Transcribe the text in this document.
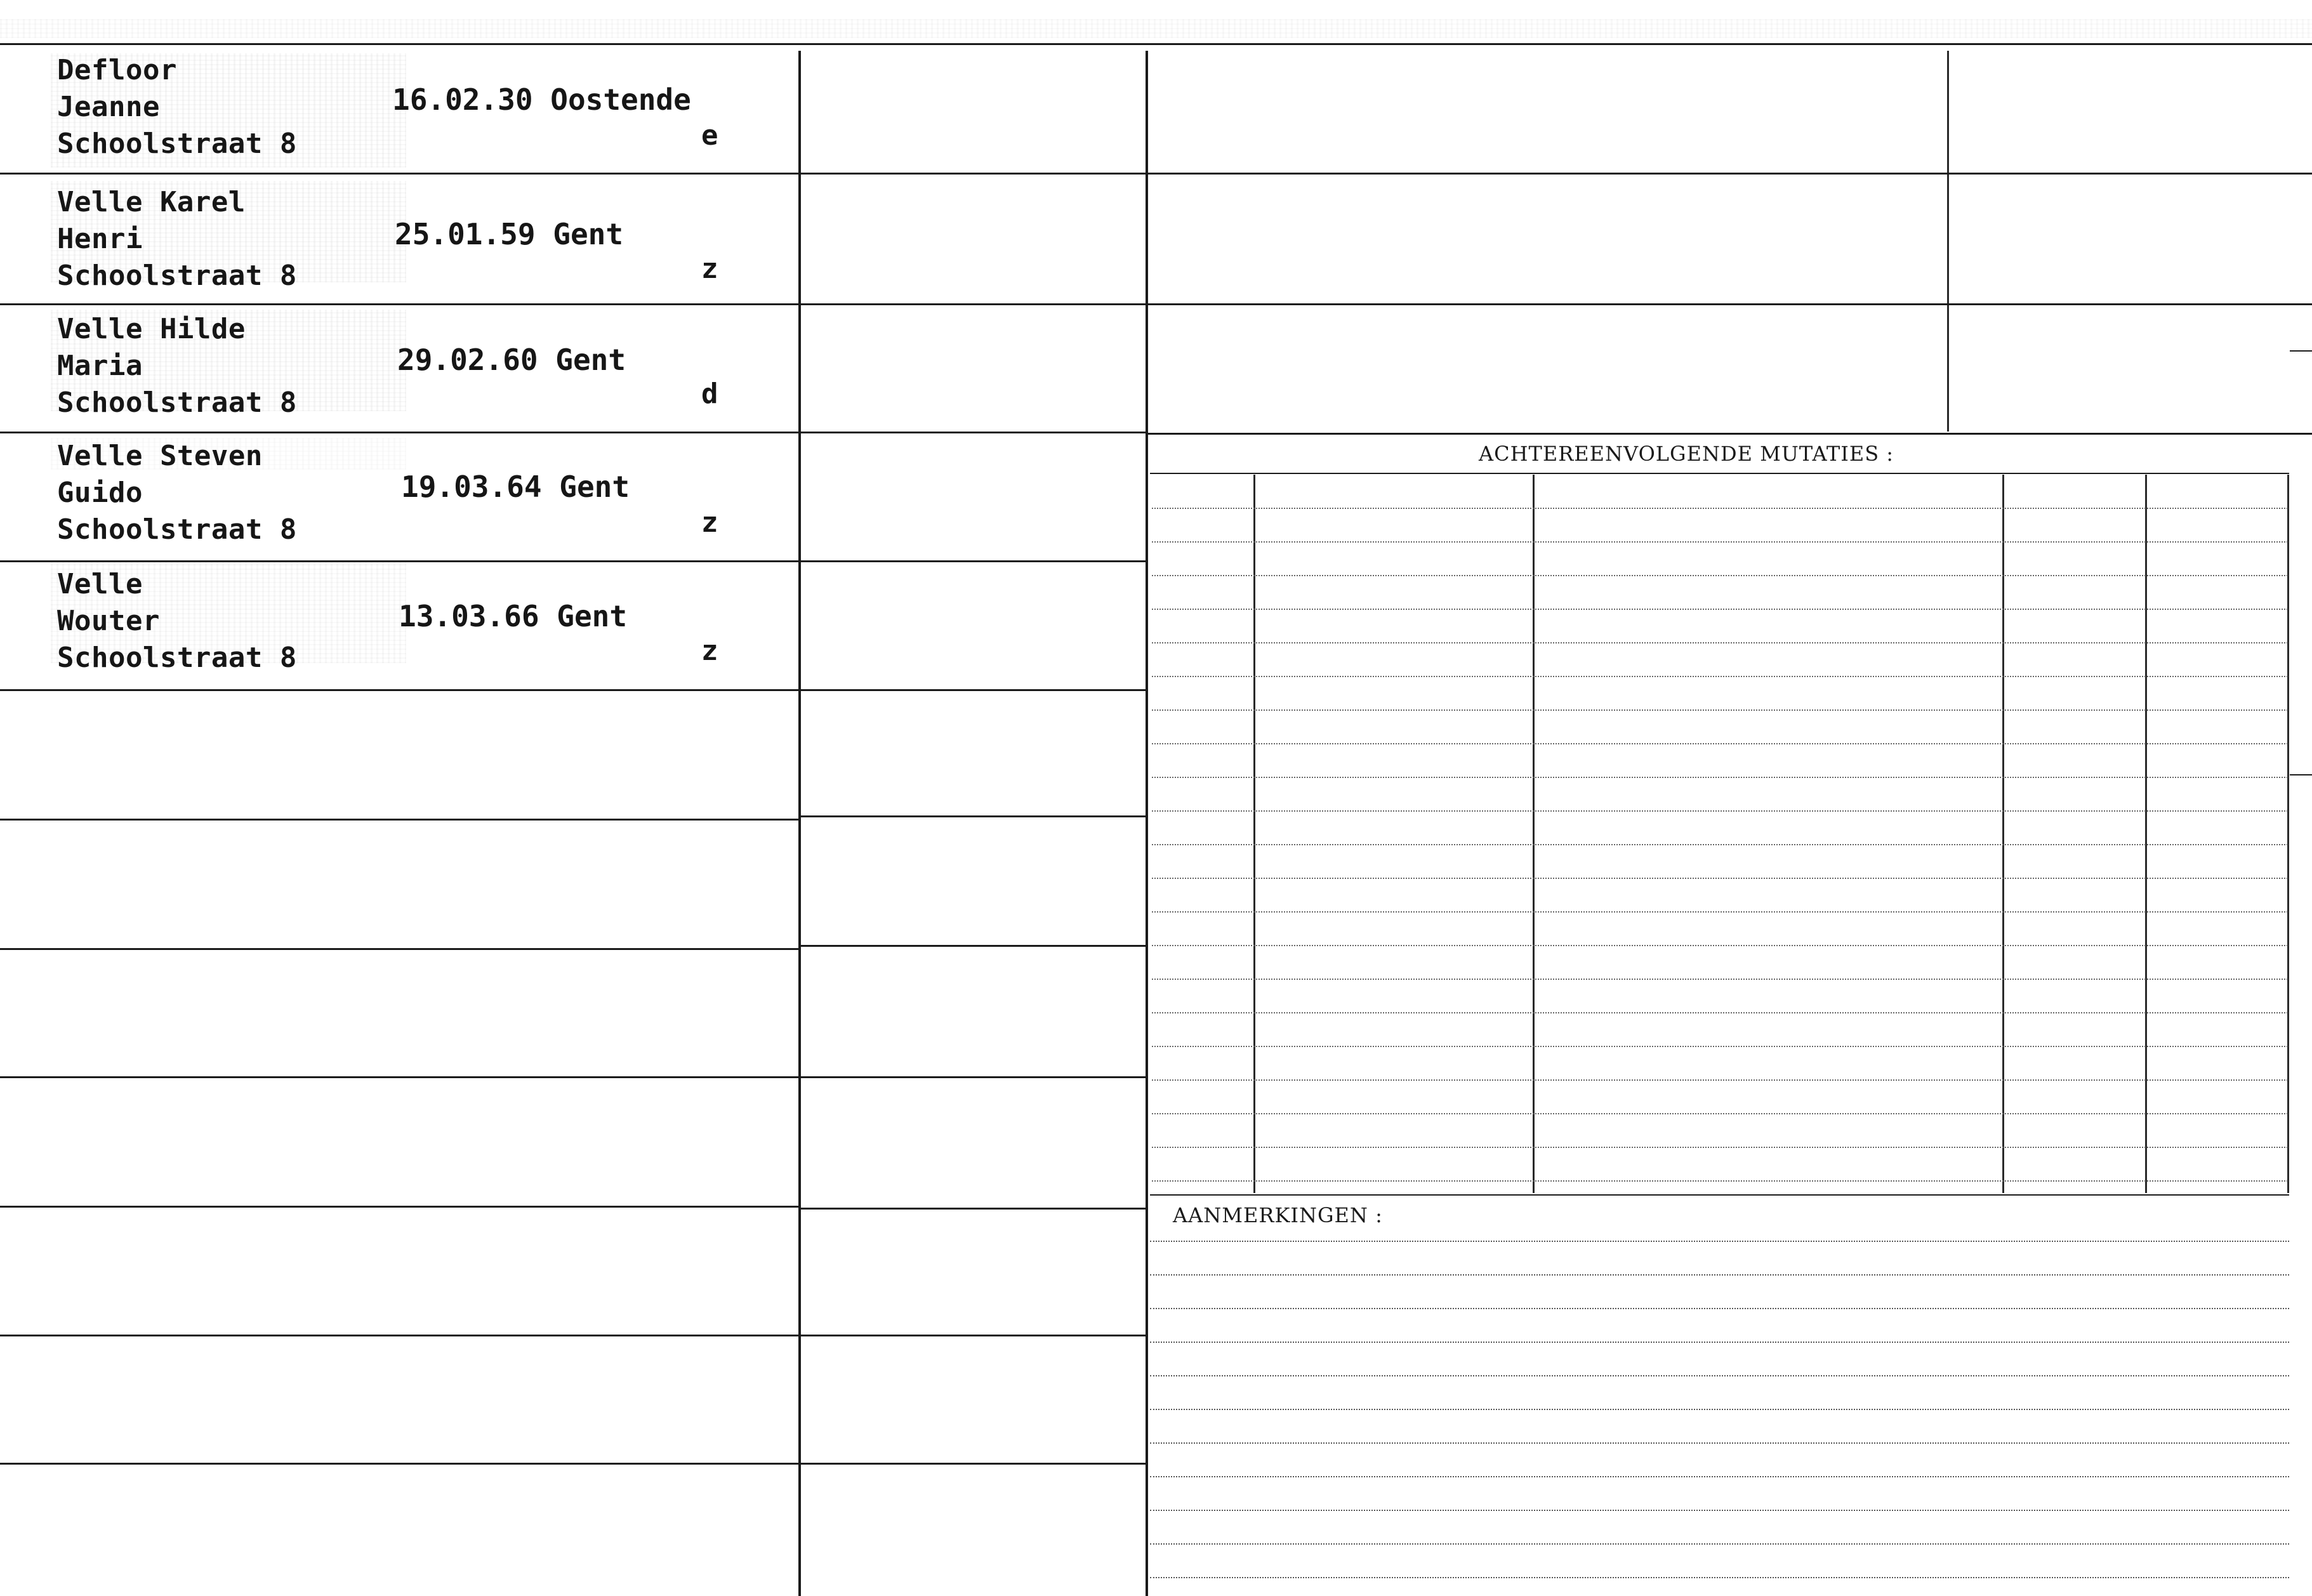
Defloor
Jeanne
Schoolstraat 8
16.02.30 Oostende
e
Velle Karel
Henri
Schoolstraat 8
25.01.59 Gent
z
Velle Hilde
Maria
Schoolstraat 8
29.02.60 Gent
d
Velle Steven
Guido
Schoolstraat 8
19.03.64 Gent
z
Velle
Wouter
Schoolstraat 8
13.03.66 Gent
z
ACHTEREENVOLGENDE MUTATIES :
AANMERKINGEN :
